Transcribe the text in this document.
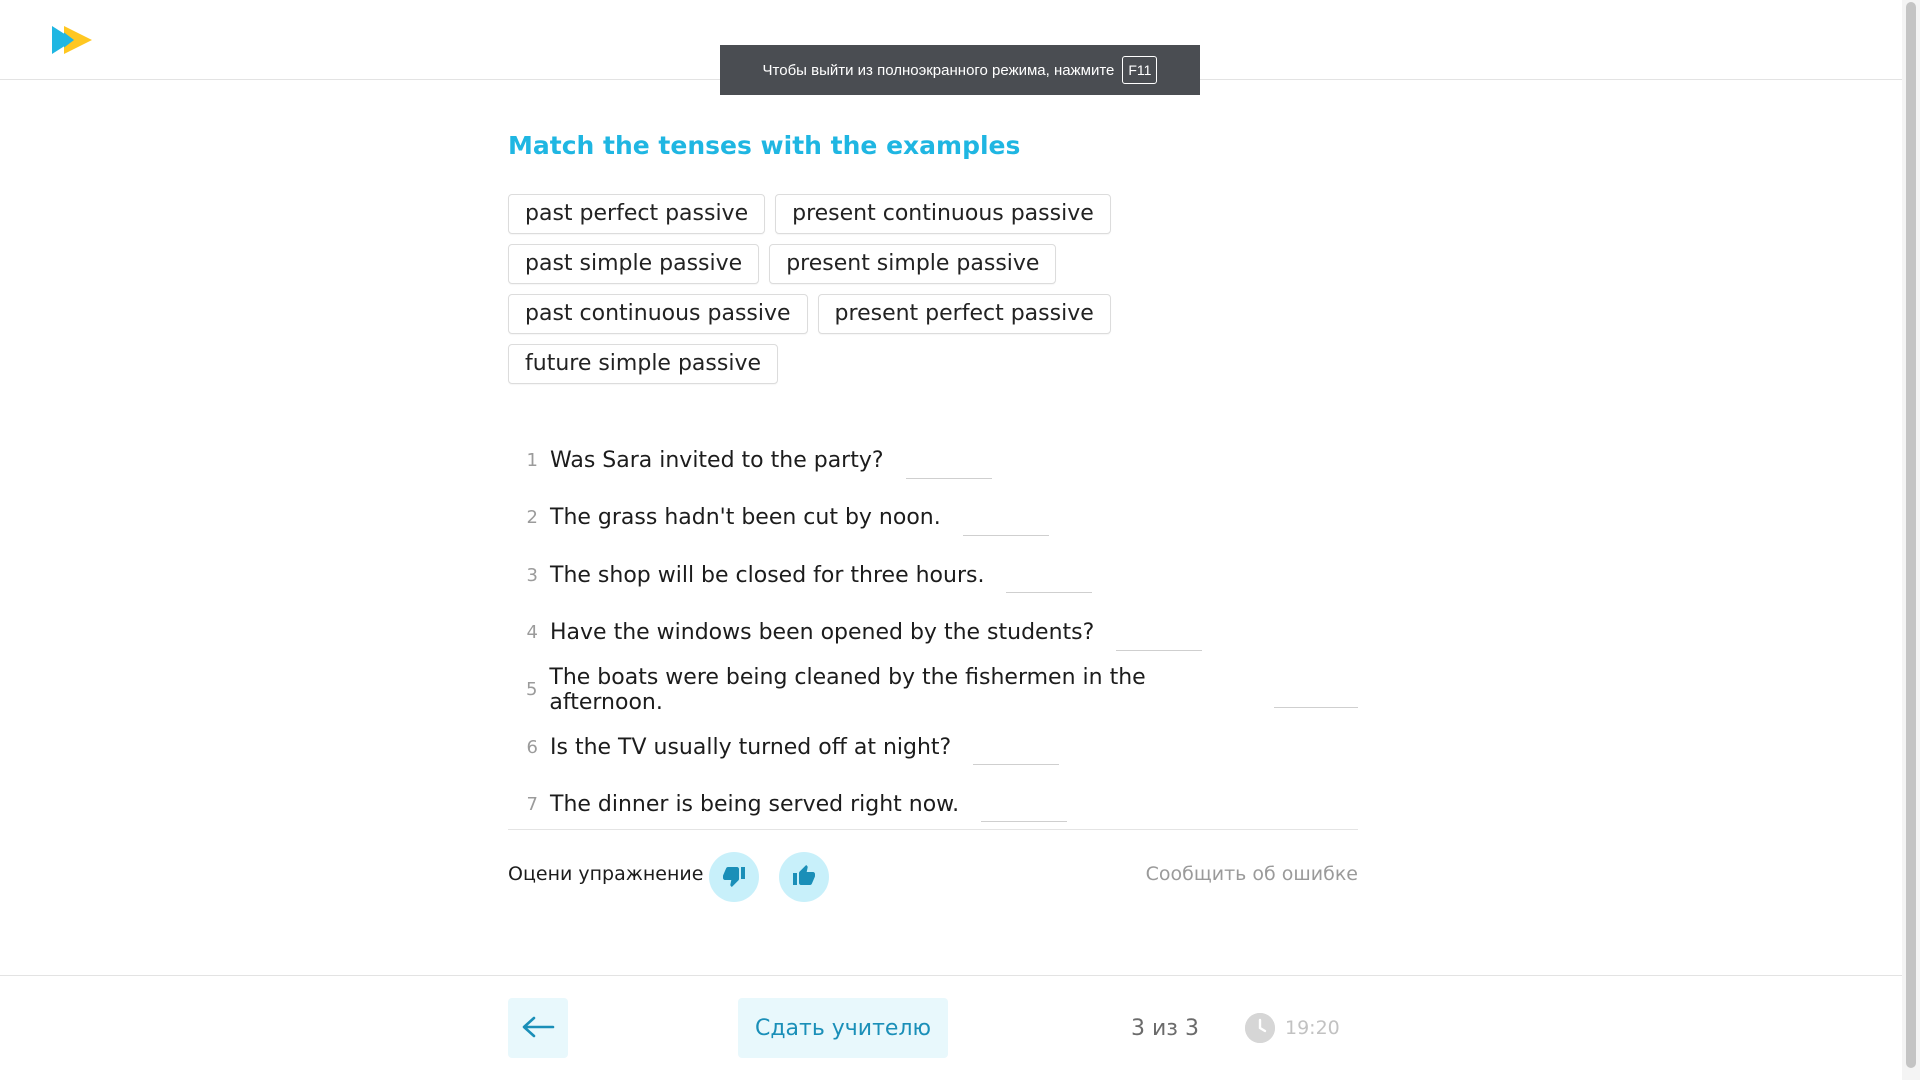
Чтобы выйти из полноэкранного режима, нажмите	F11
Match the tenses with the examples
past perfect passive	present continuous passive
past simple passive	present simple passive
past continuous passive	present perfect passive
future simple passive
1 Was Sara invited to the party?
2 The grass hadn't been cut by noon.
3 The shop will be closed for three hours.
4 Have the windows been opened by the students?
5 The boats were being cleaned by the fishermen in the afternoon.
6 Is the TV usually turned off at night?
7 The dinner is being served right now.
Оцени упражнение	Сообщить об ошибке
Сдать учителю	3 из 3	19:20
